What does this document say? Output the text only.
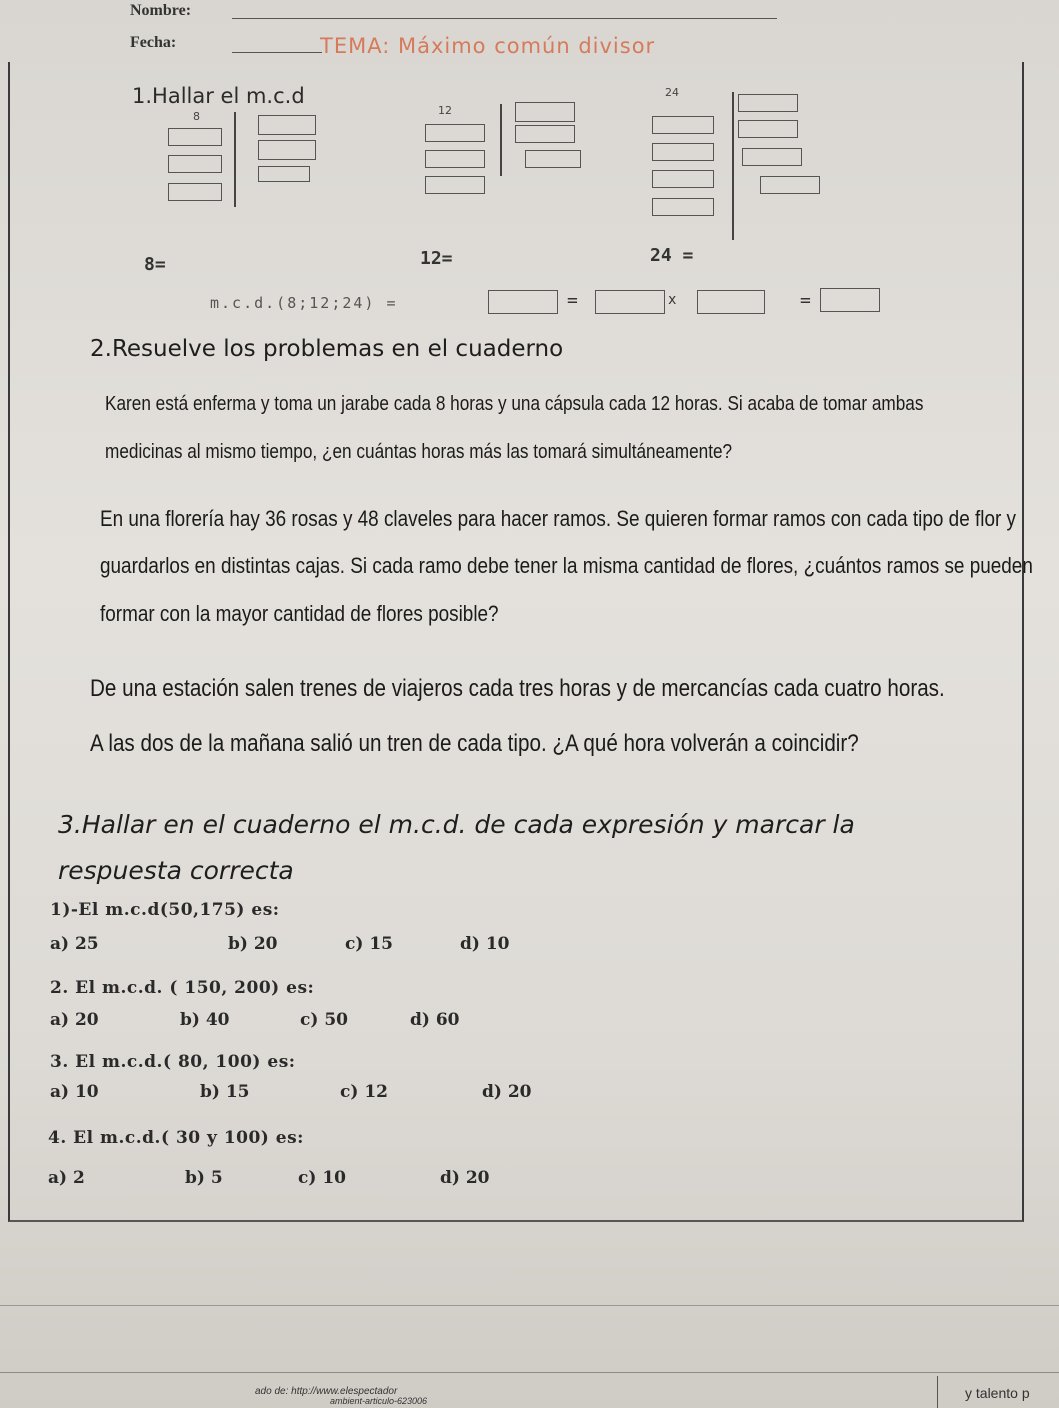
Nombre:
Fecha:	TEMA: Máximo común divisor
1.Hallar el m.c.d
8
8=
12
12=
24
24 =
m.c.d.(8;12;24) =	=	x	=
2.Resuelve los problemas en el cuaderno
Karen está enferma y toma un jarabe cada 8 horas y una cápsula cada 12 horas. Si acaba de tomar ambas
medicinas al mismo tiempo, ¿en cuántas horas más las tomará simultáneamente?
En una florería hay 36 rosas y 48 claveles para hacer ramos. Se quieren formar ramos con cada tipo de flor y
guardarlos en distintas cajas. Si cada ramo debe tener la misma cantidad de flores, ¿cuántos ramos se pueden
formar con la mayor cantidad de flores posible?
De una estación salen trenes de viajeros cada tres horas y de mercancías cada cuatro horas.
A las dos de la mañana salió un tren de cada tipo. ¿A qué hora volverán a coincidir?
3.Hallar en el cuaderno el m.c.d. de cada expresión y marcar la
respuesta correcta
1)-El m.c.d(50,175) es:
a) 25	b) 20	c) 15	d) 10
2. El m.c.d. ( 150, 200) es:
a) 20	b) 40	c) 50	d) 60
3. El m.c.d.( 80, 100) es:
a) 10	b) 15	c) 12	d) 20
4. El m.c.d.( 30 y 100) es:
a) 2	b) 5	c) 10	d) 20
ado de: http://www.elespectador
ambient-articulo-623006	y talento p
